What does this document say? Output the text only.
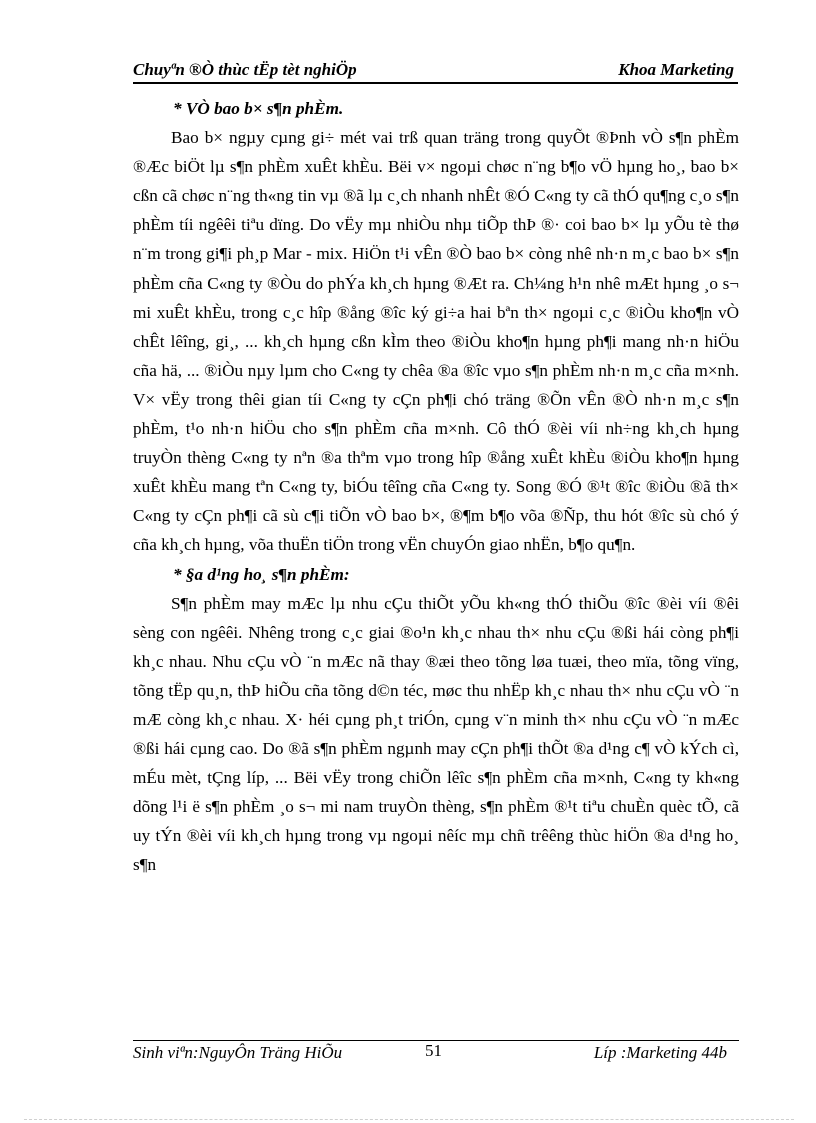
Chuyªn ®Ò thùc tËp tèt nghiÖp	Khoa Marketing
* VÒ bao b× s¶n phÈm.

Bao b× ngµy cµng gi÷ mét vai trß quan träng trong quyÕt ®Þnh vÒ s¶n phÈm ®Æc biÖt lµ s¶n phÈm xuÊt khÈu. Bëi v× ngoµi chøc n¨ng b¶o vÖ hµng ho¸, bao b× cßn cã chøc n¨ng th«ng tin vµ ®ã lµ c¸ch nhanh nhÊt ®Ó C«ng ty cã thÓ qu¶ng c¸o s¶n phÈm tíi ngêêi tiªu dïng. Do vËy mµ nhiÒu nhµ tiÕp thÞ ®· coi bao b× lµ yÕu tè thø n¨m trong gi¶i ph¸p Mar - mix. HiÖn t¹i vÊn ®Ò bao b× còng nhê nh·n m¸c bao b× s¶n phÈm cña C«ng ty ®Òu do phÝa kh¸ch hµng ®Æt ra. Ch¼ng h¹n nhê mÆt hµng ¸o s¬ mi xuÊt khÈu, trong c¸c hîp ®ång ®îc ký gi÷a hai bªn th× ngoµi c¸c ®iÒu kho¶n vÒ chÊt lêîng, gi¸, ... kh¸ch hµng cßn kÌm theo ®iÒu kho¶n hµng ph¶i mang nh·n hiÖu cña hä, ... ®iÒu nµy lµm cho C«ng ty chêa ®a ®îc vµo s¶n phÈm nh·n m¸c cña m×nh. V× vËy trong thêi gian tíi C«ng ty cÇn ph¶i chó träng ®Õn vÊn ®Ò nh·n m¸c s¶n phÈm, t¹o nh·n hiÖu cho s¶n phÈm cña m×nh. Cô thÓ ®èi víi nh÷ng kh¸ch hµng truyÒn thèng C«ng ty nªn ®a thªm vµo trong hîp ®ång xuÊt khÈu ®iÒu kho¶n hµng xuÊt khÈu mang tªn C«ng ty, biÓu têîng cña C«ng ty. Song ®Ó ®¹t ®îc ®iÒu ®ã th× C«ng ty cÇn ph¶i cã sù c¶i tiÕn vÒ bao b×, ®¶m b¶o võa ®Ñp, thu hót ®îc sù chó ý cña kh¸ch hµng, võa thuËn tiÖn trong vËn chuyÓn giao nhËn, b¶o qu¶n.

* §a d¹ng ho¸ s¶n phÈm:

S¶n phÈm may mÆc lµ nhu cÇu thiÕt yÕu kh«ng thÓ thiÕu ®îc ®èi víi ®êi sèng con ngêêi. Nhêng trong c¸c giai ®o¹n kh¸c nhau th× nhu cÇu ®ßi hái còng ph¶i kh¸c nhau. Nhu cÇu vÒ ¨n mÆc nã thay ®æi theo tõng løa tuæi, theo mïa, tõng vïng, tõng tËp qu¸n, thÞ hiÕu cña tõng d©n téc, møc thu nhËp kh¸c nhau th× nhu cÇu vÒ ¨n mÆ còng kh¸c nhau. X· héi cµng ph¸t triÓn, cµng v¨n minh th× nhu cÇu vÒ ¨n mÆc ®ßi hái cµng cao. Do ®ã s¶n phÈm ngµnh may cÇn ph¶i thÕt ®a d¹ng c¶ vÒ kÝch cì, mÉu mèt, tÇng líp, ... Bëi vËy trong chiÕn lêîc s¶n phÈm cña m×nh, C«ng ty kh«ng dõng l¹i ë s¶n phÈm ¸o s¬ mi nam truyÒn thèng, s¶n phÈm ®¹t tiªu chuÈn quèc tÕ, cã uy tÝn ®èi víi kh¸ch hµng trong vµ ngoµi nêíc mµ chñ trêêng thùc hiÖn ®a d¹ng ho¸ s¶n

Sinh viªn:NguyÔn Träng HiÕu	51	Líp :Marketing 44b
